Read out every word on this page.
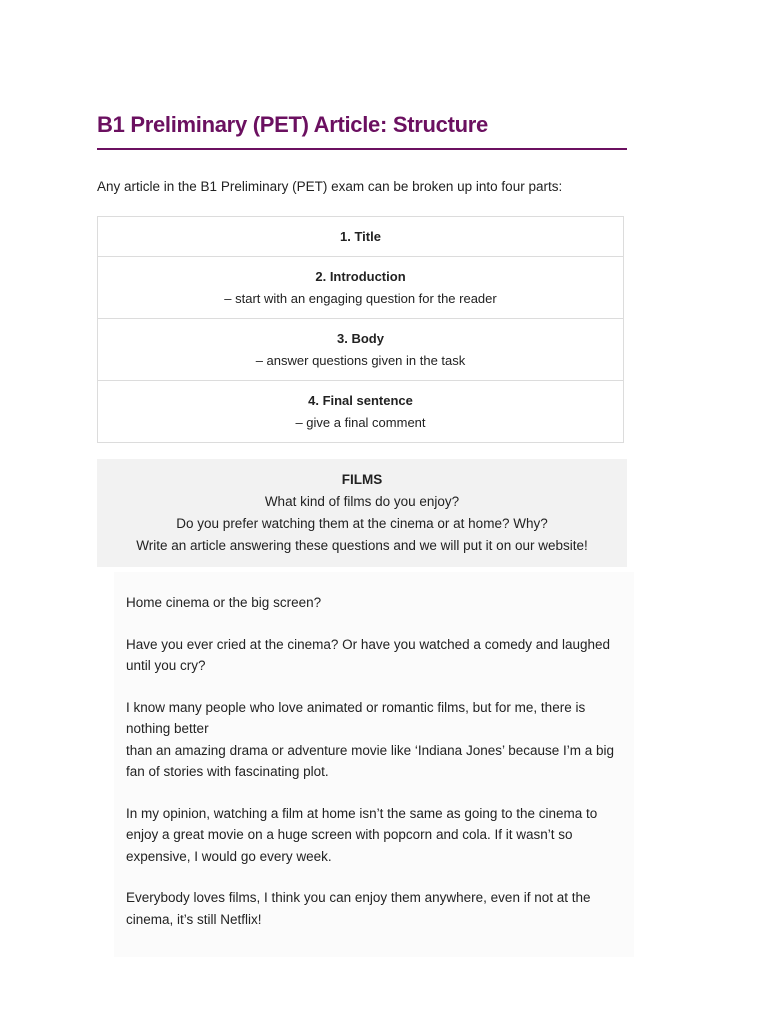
B1 Preliminary (PET) Article: Structure

Any article in the B1 Preliminary (PET) exam can be broken up into four parts:

1. Title

2. Introduction
– start with an engaging question for the reader

3. Body
– answer questions given in the task

4. Final sentence
– give a final comment
FILMS
What kind of films do you enjoy?
Do you prefer watching them at the cinema or at home? Why?
Write an article answering these questions and we will put it on our website!

Home cinema or the big screen?

Have you ever cried at the cinema? Or have you watched a comedy and laughed until you cry?

I know many people who love animated or romantic films, but for me, there is nothing better

than an amazing drama or adventure movie like ‘Indiana Jones’ because I’m a big fan of stories with fascinating plot.

In my opinion, watching a film at home isn’t the same as going to the cinema to enjoy a great movie on a huge screen with popcorn and cola. If it wasn’t so expensive, I would go every week.

Everybody loves films, I think you can enjoy them anywhere, even if not at the cinema, it’s still Netflix!
